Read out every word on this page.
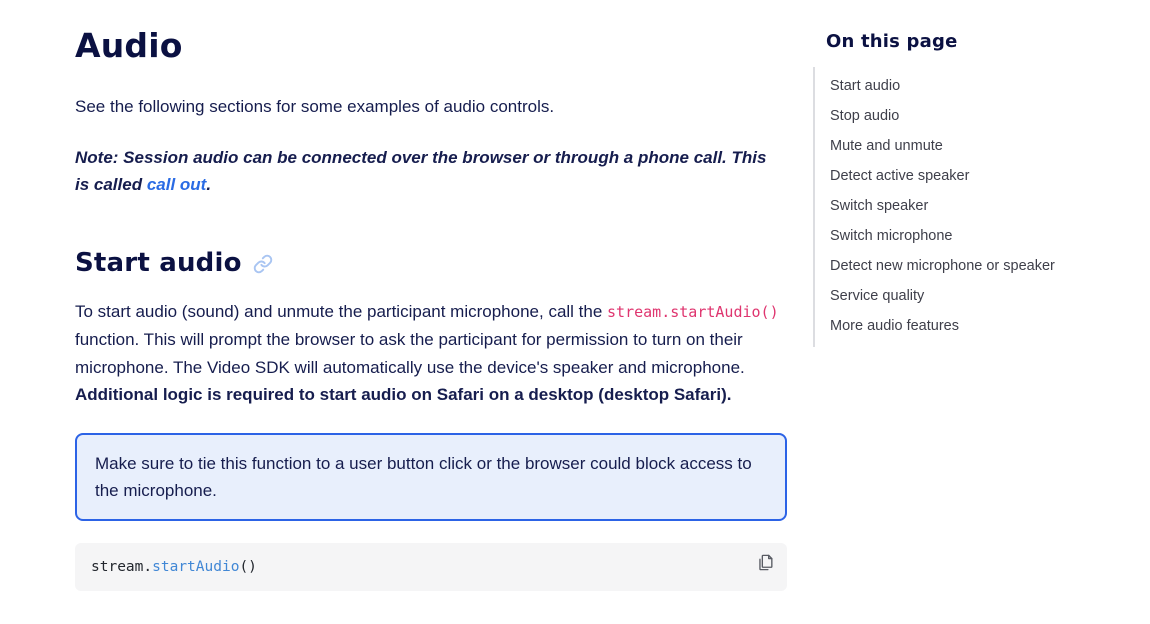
Audio

See the following sections for some examples of audio controls.

Note: Session audio can be connected over the browser or through a phone call. This is called call out.

Start audio

To start audio (sound) and unmute the participant microphone, call the stream.startAudio() function. This will prompt the browser to ask the participant for permission to turn on their microphone. The Video SDK will automatically use the device's speaker and microphone. Additional logic is required to start audio on Safari on a desktop (desktop Safari).

Make sure to tie this function to a user button click or the browser could block access to the microphone.

stream.startAudio()
On this page
Start audio
Stop audio
Mute and unmute
Detect active speaker
Switch speaker
Switch microphone
Detect new microphone or speaker
Service quality
More audio features
